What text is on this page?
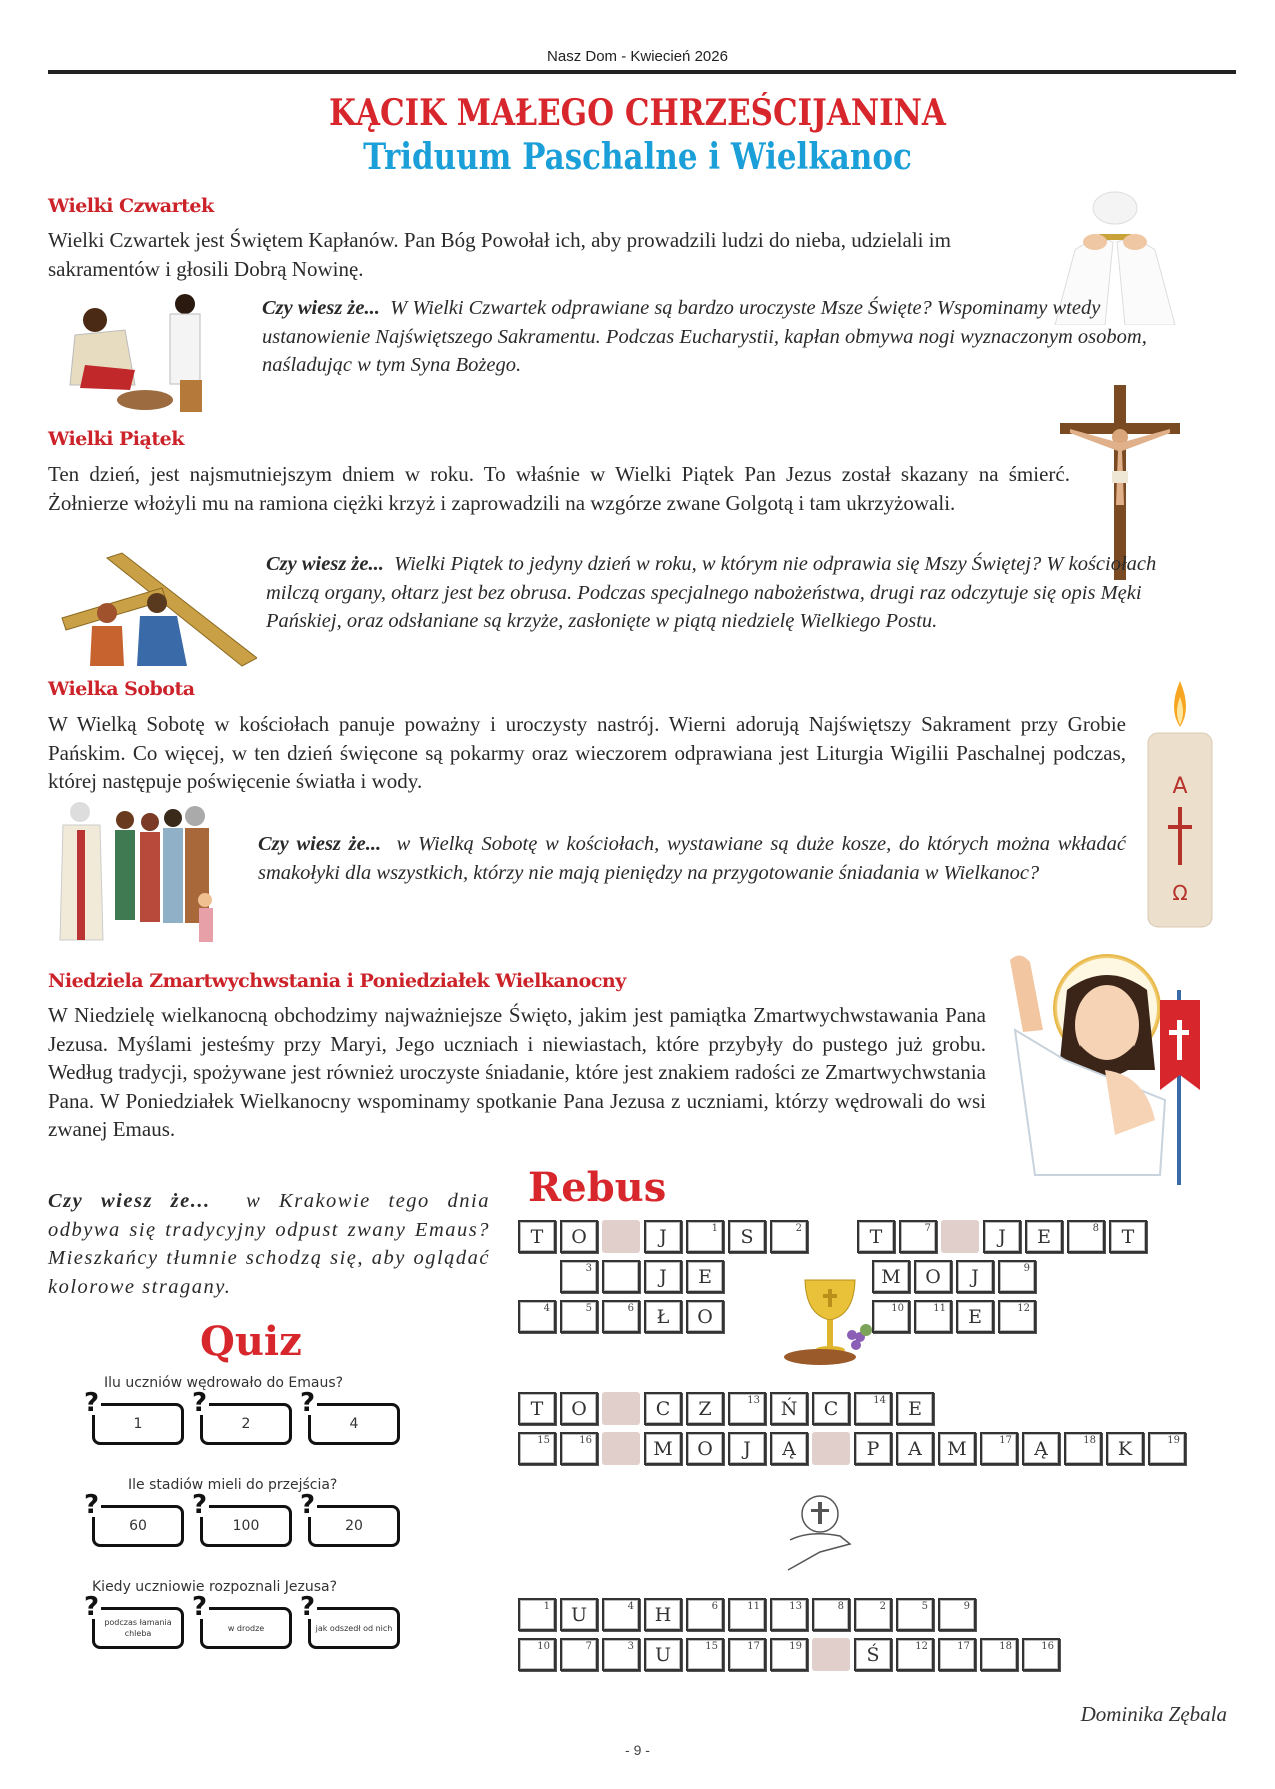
Nasz Dom - Kwiecień 2026
KĄCIK MAŁEGO CHRZEŚCIJANINA
Triduum Paschalne i Wielkanoc
Wielki Czwartek
Wielki Czwartek jest Świętem Kapłanów. Pan Bóg Powołał ich, aby prowadzili ludzi do nieba, udzielali im sakramentów i głosili Dobrą Nowinę.
Czy wiesz że... W Wielki Czwartek odprawiane są bardzo uroczyste Msze Święte? Wspominamy wtedy ustanowienie Najświętszego Sakramentu. Podczas Eucharystii, kapłan obmywa nogi wyznaczonym osobom, naśladując w tym Syna Bożego.
Wielki Piątek
Ten dzień, jest najsmutniejszym dniem w roku. To właśnie w Wielki Piątek Pan Jezus został skazany na śmierć. Żołnierze włożyli mu na ramiona ciężki krzyż i zaprowadzili na wzgórze zwane Golgotą i tam ukrzyżowali.
Czy wiesz że... Wielki Piątek to jedyny dzień w roku, w którym nie odprawia się Mszy Świętej? W kościołach milczą organy, ołtarz jest bez obrusa. Podczas specjalnego nabożeństwa, drugi raz odczytuje się opis Męki Pańskiej, oraz odsłaniane są krzyże, zasłonięte w piątą niedzielę Wielkiego Postu.
Wielka Sobota
W Wielką Sobotę w kościołach panuje poważny i uroczysty nastrój. Wierni adorują Najświętszy Sakrament przy Grobie Pańskim. Co więcej, w ten dzień święcone są pokarmy oraz wieczorem odprawiana jest Liturgia Wigilii Paschalnej podczas, której następuje poświęcenie światła i wody.	A
Ω
Czy wiesz że... w Wielką Sobotę w kościołach, wystawiane są duże kosze, do których można wkładać smakołyki dla wszystkich, którzy nie mają pieniędzy na przygotowanie śniadania w Wielkanoc?
Niedziela Zmartwychwstania i Poniedziałek Wielkanocny
W Niedzielę wielkanocną obchodzimy najważniejsze Święto, jakim jest pamiątka Zmartwychwstawania Pana Jezusa. Myślami jesteśmy przy Maryi, Jego uczniach i niewiastach, które przybyły do pustego już grobu. Według tradycji, spożywane jest również uroczyste śniadanie, które jest znakiem radości ze Zmartwychwstania Pana. W Poniedziałek Wielkanocny wspominamy spotkanie Pana Jezusa z uczniami, którzy wędrowali do wsi zwanej Emaus.
Czy wiesz że... w Krakowie tego dnia odbywa się tradycyjny odpust zwany Emaus? Mieszkańcy tłumnie schodzą się, aby oglądać kolorowe stragany.
Quiz
Ilu uczniów wędrowało do Emaus?
1
?
2
?
4
?
Ile stadiów mieli do przejścia?
60
?
100
?
20
?
Kiedy uczniowie rozpoznali Jezusa?
podczas łamania chleba
?
w drodze
?
jak odszedł od nich
?
Rebus
T O	J	1 S	2	T	7	J E	8 T
3	J E	M O J	9
4	5	6 Ł O	10	11 E	12
T O	C Z	13 Ń C	14 E
15	16	M O J Ą	P A M	17 Ą	18 K	19
1 U	4 H	6	11	13	8	2	5	9
10	7	3 U	15	17	19	Ś	12	17	18	16
Dominika Zębala
- 9 -
